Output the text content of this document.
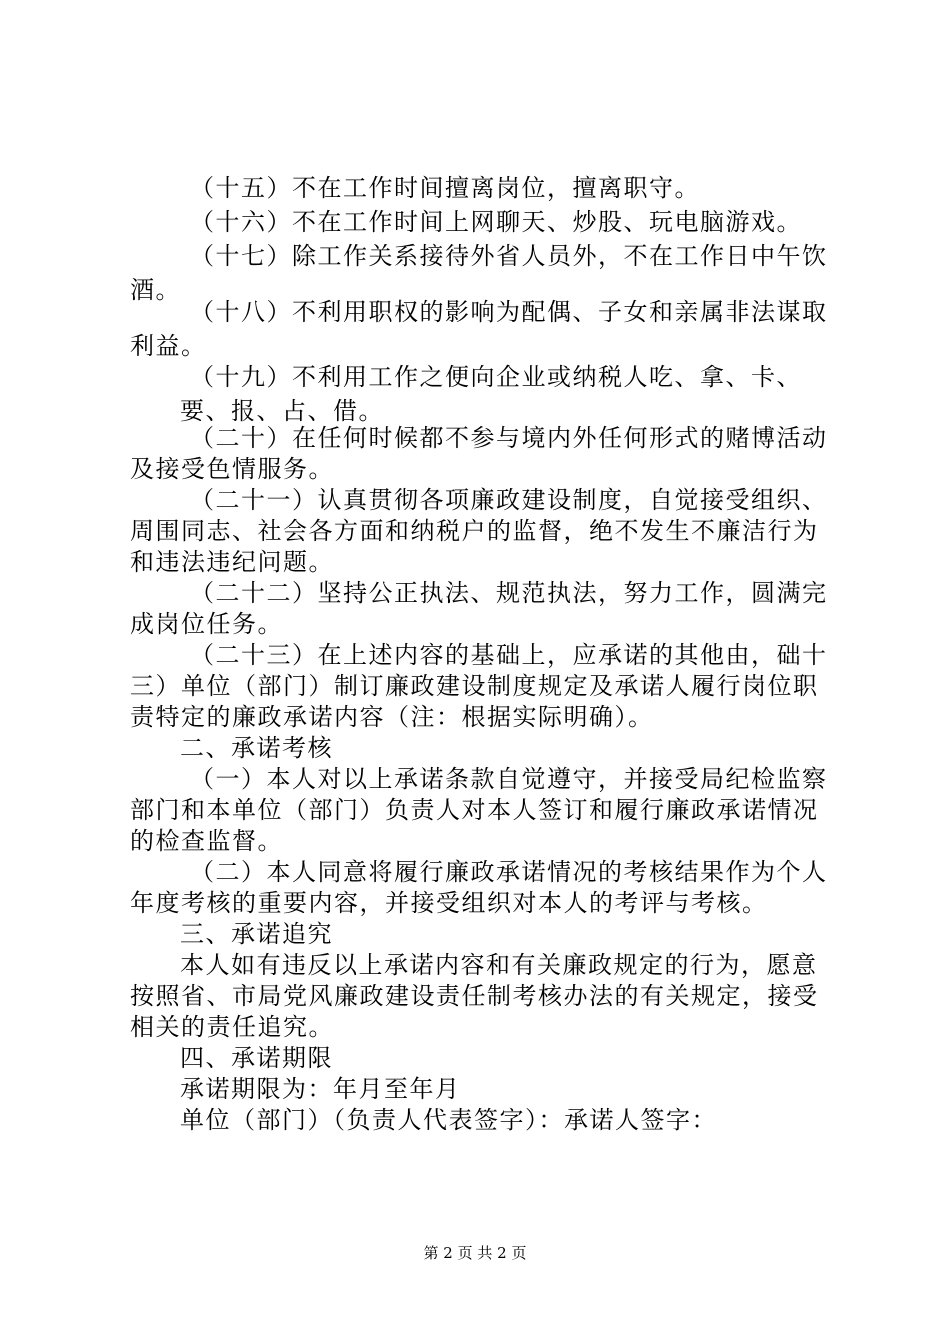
（十五）不在工作时间擅离岗位，擅离职守。
（十六）不在工作时间上网聊天、炒股、玩电脑游戏。
（十七）除工作关系接待外省人员外，不在工作日中午饮
酒。
（十八）不利用职权的影响为配偶、子女和亲属非法谋取
利益。
（十九）不利用工作之便向企业或纳税人吃、拿、卡、
要、报、占、借。
（二十）在任何时候都不参与境内外任何形式的赌博活动
及接受色情服务。
（二十一）认真贯彻各项廉政建设制度，自觉接受组织、
周围同志、社会各方面和纳税户的监督，绝不发生不廉洁行为
和违法违纪问题。
（二十二）坚持公正执法、规范执法，努力工作，圆满完
成岗位任务。
（二十三）在上述内容的基础上，应承诺的其他由，础十
三）单位（部门）制订廉政建设制度规定及承诺人履行岗位职
责特定的廉政承诺内容（注：根据实际明确）。
二、承诺考核
（一）本人对以上承诺条款自觉遵守，并接受局纪检监察
部门和本单位（部门）负责人对本人签订和履行廉政承诺情况
的检查监督。
（二）本人同意将履行廉政承诺情况的考核结果作为个人
年度考核的重要内容，并接受组织对本人的考评与考核。
三、承诺追究
本人如有违反以上承诺内容和有关廉政规定的行为，愿意
按照省、市局党风廉政建设责任制考核办法的有关规定，接受
相关的责任追究。
四、承诺期限
承诺期限为：年月至年月
单位（部门）（负责人代表签字）：承诺人签字：
第 2 页 共 2 页
